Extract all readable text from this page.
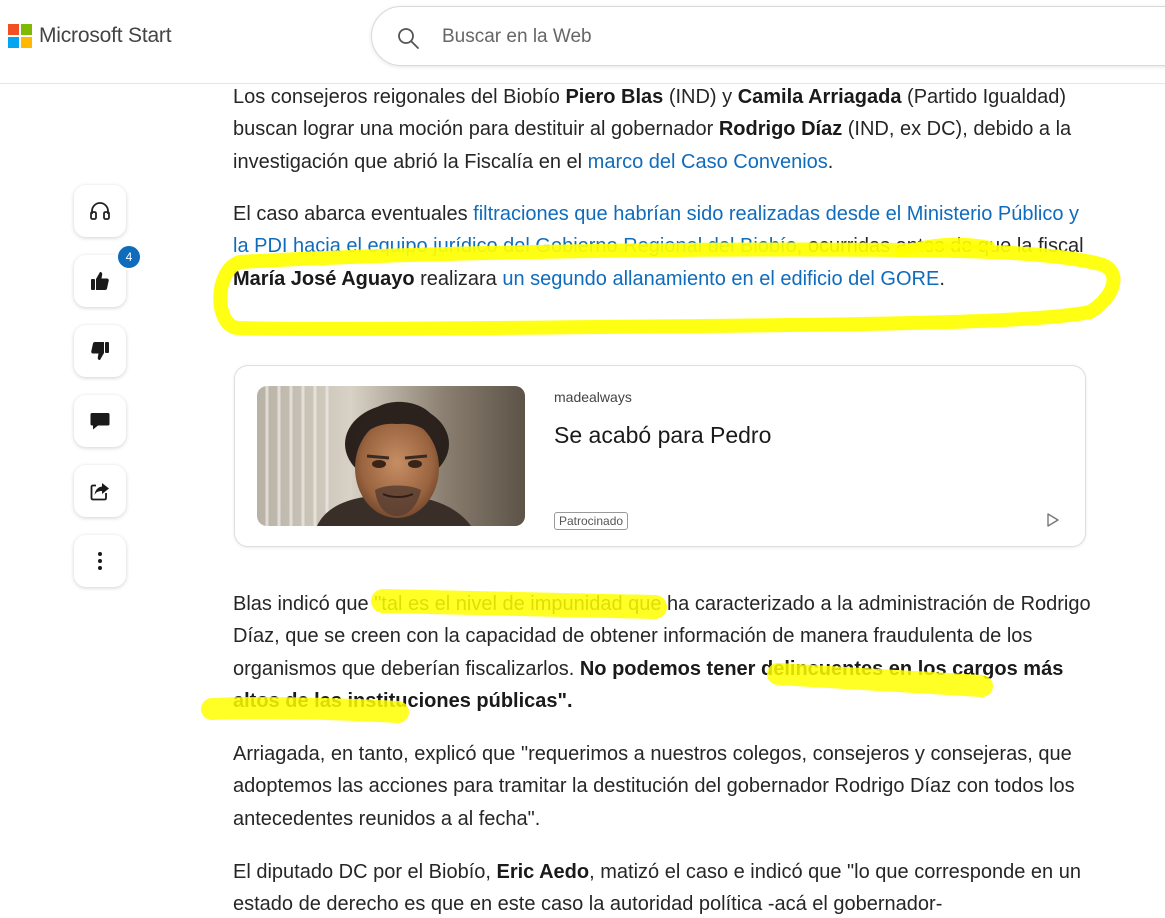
Microsoft Start
Buscar en la Web
4

Los consejeros reigonales del Biobío Piero Blas (IND) y Camila Arriagada (Partido Igualdad) buscan lograr una moción para destituir al gobernador Rodrigo Díaz (IND, ex DC), debido a la investigación que abrió la Fiscalía en el marco del Caso Convenios.

El caso abarca eventuales filtraciones que habrían sido realizadas desde el Ministerio Público y la PDI hacia el equipo jurídico del Gobierno Regional del Biobío, ocurridas antes de que la fiscal María José Aguayo realizara un segundo allanamiento en el edificio del GORE.

madealways
Se acabó para Pedro
Patrocinado

Blas indicó que "tal es el nivel de impunidad que ha caracterizado a la administración de Rodrigo Díaz, que se creen con la capacidad de obtener información de manera fraudulenta de los organismos que deberían fiscalizarlos. No podemos tener delincuentes en los cargos más altos de las instituciones públicas".

Arriagada, en tanto, explicó que "requerimos a nuestros colegos, consejeros y consejeras, que adoptemos las acciones para tramitar la destitución del gobernador Rodrigo Díaz con todos los antecedentes reunidos a al fecha".

El diputado DC por el Biobío, Eric Aedo, matizó el caso e indicó que "lo que corresponde en un estado de derecho es que en este caso la autoridad política -acá el gobernador-
